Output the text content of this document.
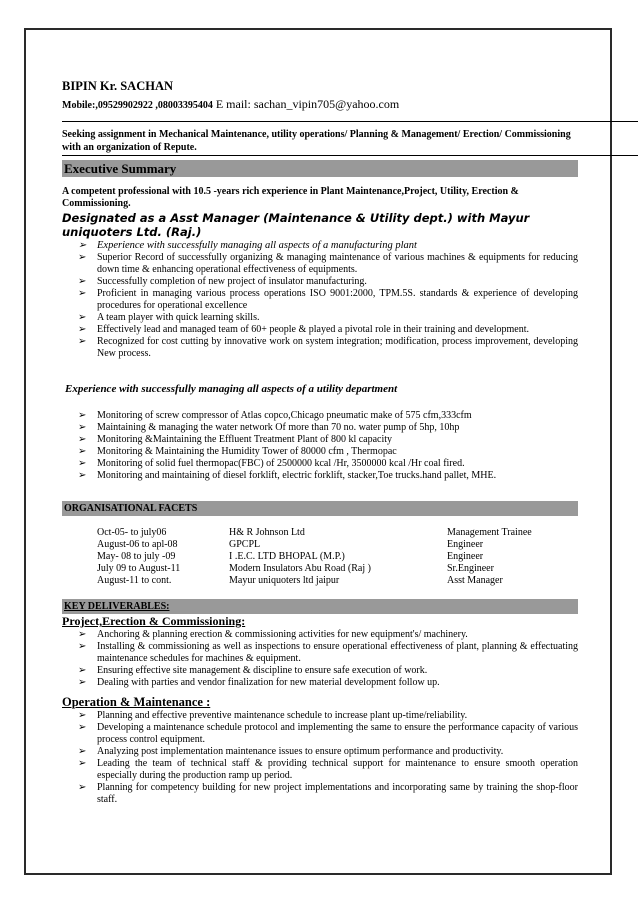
BIPIN Kr. SACHAN
Mobile:,09529902922 ,08003395404 E mail: sachan_vipin705@yahoo.com
Seeking assignment in Mechanical Maintenance, utility operations/ Planning & Management/ Erection/ Commissioning with an organization of Repute.
Executive Summary
A competent professional with 10.5 -years rich experience in Plant Maintenance,Project, Utility, Erection & Commissioning.
Designated as a Asst Manager (Maintenance & Utility dept.) with Mayur uniquoters Ltd. (Raj.)
➢ Experience with successfully managing all aspects of a manufacturing plant
➢ Superior Record of successfully organizing & managing maintenance of various machines & equipments for reducing down time & enhancing operational effectiveness of equipments.
➢ Successfully completion of new project of insulator manufacturing.
➢ Proficient in managing various process operations ISO 9001:2000, TPM.5S. standards & experience of developing procedures for operational excellence
➢ A team player with quick learning skills.
➢ Effectively lead and managed team of 60+ people & played a pivotal role in their training and development.
➢ Recognized for cost cutting by innovative work on system integration; modification, process improvement, developing New process.
Experience with successfully managing all aspects of a utility department
➢ Monitoring of screw compressor of Atlas copco,Chicago pneumatic make of 575 cfm,333cfm
➢ Maintaining & managing the water network Of more than 70 no. water pump of 5hp, 10hp
➢ Monitoring &Maintaining the Effluent Treatment Plant of 800 kl capacity
➢ Monitoring & Maintaining the Humidity Tower of 80000 cfm , Thermopac
➢ Monitoring of solid fuel thermopac(FBC) of 2500000 kcal /Hr, 3500000 kcal /Hr coal fired.
➢ Monitoring and maintaining of diesel forklift, electric forklift, stacker,Toe trucks.hand pallet, MHE.
ORGANISATIONAL FACETS
Oct-05- to july06	H& R Johnson Ltd	Management Trainee
August-06 to apl-08	GPCPL	Engineer
May- 08 to july -09	I .E.C. LTD BHOPAL (M.P.)	Engineer
July 09 to August-11	Modern Insulators Abu Road (Raj )	Sr.Engineer
August-11 to cont.	Mayur uniquoters ltd jaipur	Asst Manager
KEY DELIVERABLES:
Project,Erection & Commissioning:
➢ Anchoring & planning erection & commissioning activities for new equipment's/ machinery.
➢ Installing & commissioning as well as inspections to ensure operational effectiveness of plant, planning & effectuating maintenance schedules for machines & equipment.
➢ Ensuring effective site management & discipline to ensure safe execution of work.
➢ Dealing with parties and vendor finalization for new material development follow up.
Operation & Maintenance :
➢ Planning and effective preventive maintenance schedule to increase plant up-time/reliability.
➢ Developing a maintenance schedule protocol and implementing the same to ensure the performance capacity of various process control equipment.
➢ Analyzing post implementation maintenance issues to ensure optimum performance and productivity.
➢ Leading the team of technical staff & providing technical support for maintenance to ensure smooth operation especially during the production ramp up period.
➢ Planning for competency building for new project implementations and incorporating same by training the shop-floor staff.
